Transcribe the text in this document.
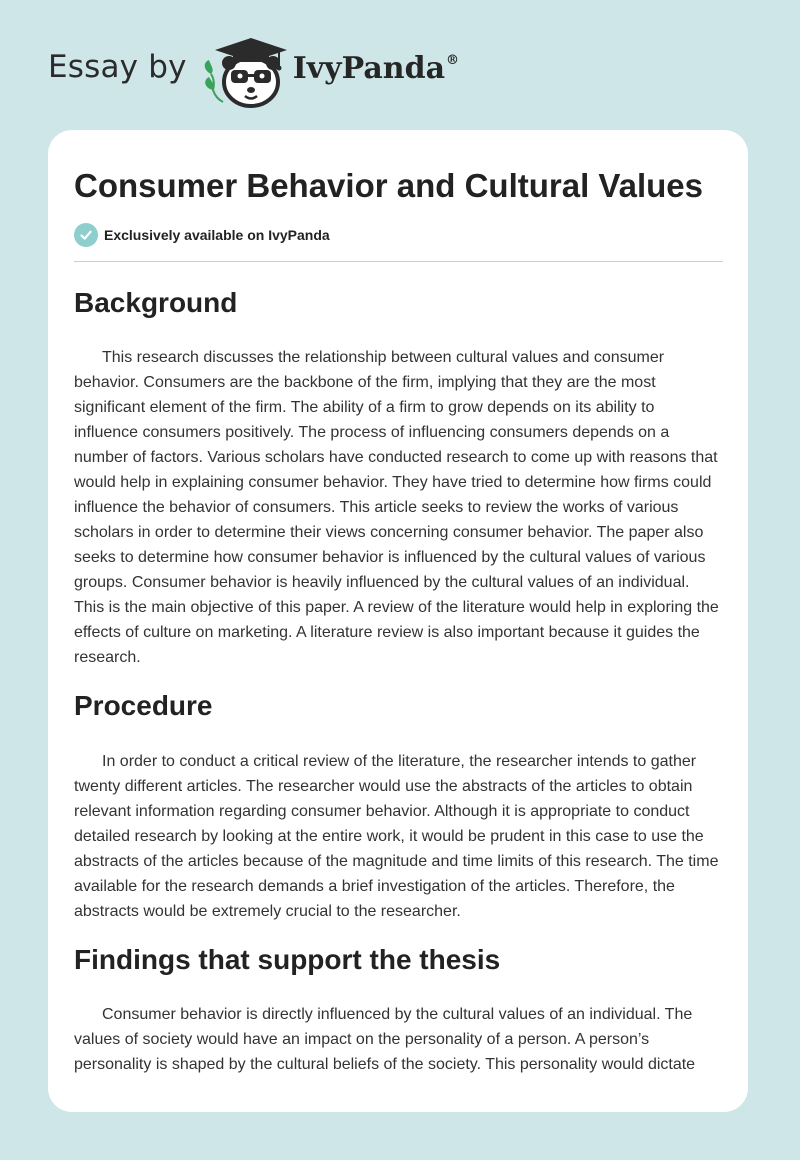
Essay by	IvyPanda®
Consumer Behavior and Cultural Values
Exclusively available on IvyPanda
Background

This research discusses the relationship between cultural values and consumer behavior. Consumers are the backbone of the firm, implying that they are the most significant element of the firm. The ability of a firm to grow depends on its ability to influence consumers positively. The process of influencing consumers depends on a number of factors. Various scholars have conducted research to come up with reasons that would help in explaining consumer behavior. They have tried to determine how firms could influence the behavior of consumers. This article seeks to review the works of various scholars in order to determine their views concerning consumer behavior. The paper also seeks to determine how consumer behavior is influenced by the cultural values of various groups. Consumer behavior is heavily influenced by the cultural values of an individual. This is the main objective of this paper. A review of the literature would help in exploring the effects of culture on marketing. A literature review is also important because it guides the research.

Procedure

In order to conduct a critical review of the literature, the researcher intends to gather twenty different articles. The researcher would use the abstracts of the articles to obtain relevant information regarding consumer behavior. Although it is appropriate to conduct detailed research by looking at the entire work, it would be prudent in this case to use the abstracts of the articles because of the magnitude and time limits of this research. The time available for the research demands a brief investigation of the articles. Therefore, the abstracts would be extremely crucial to the researcher.

Findings that support the thesis

Consumer behavior is directly influenced by the cultural values of an individual. The values of society would have an impact on the personality of a person. A person’s personality is shaped by the cultural beliefs of the society. This personality would dictate
